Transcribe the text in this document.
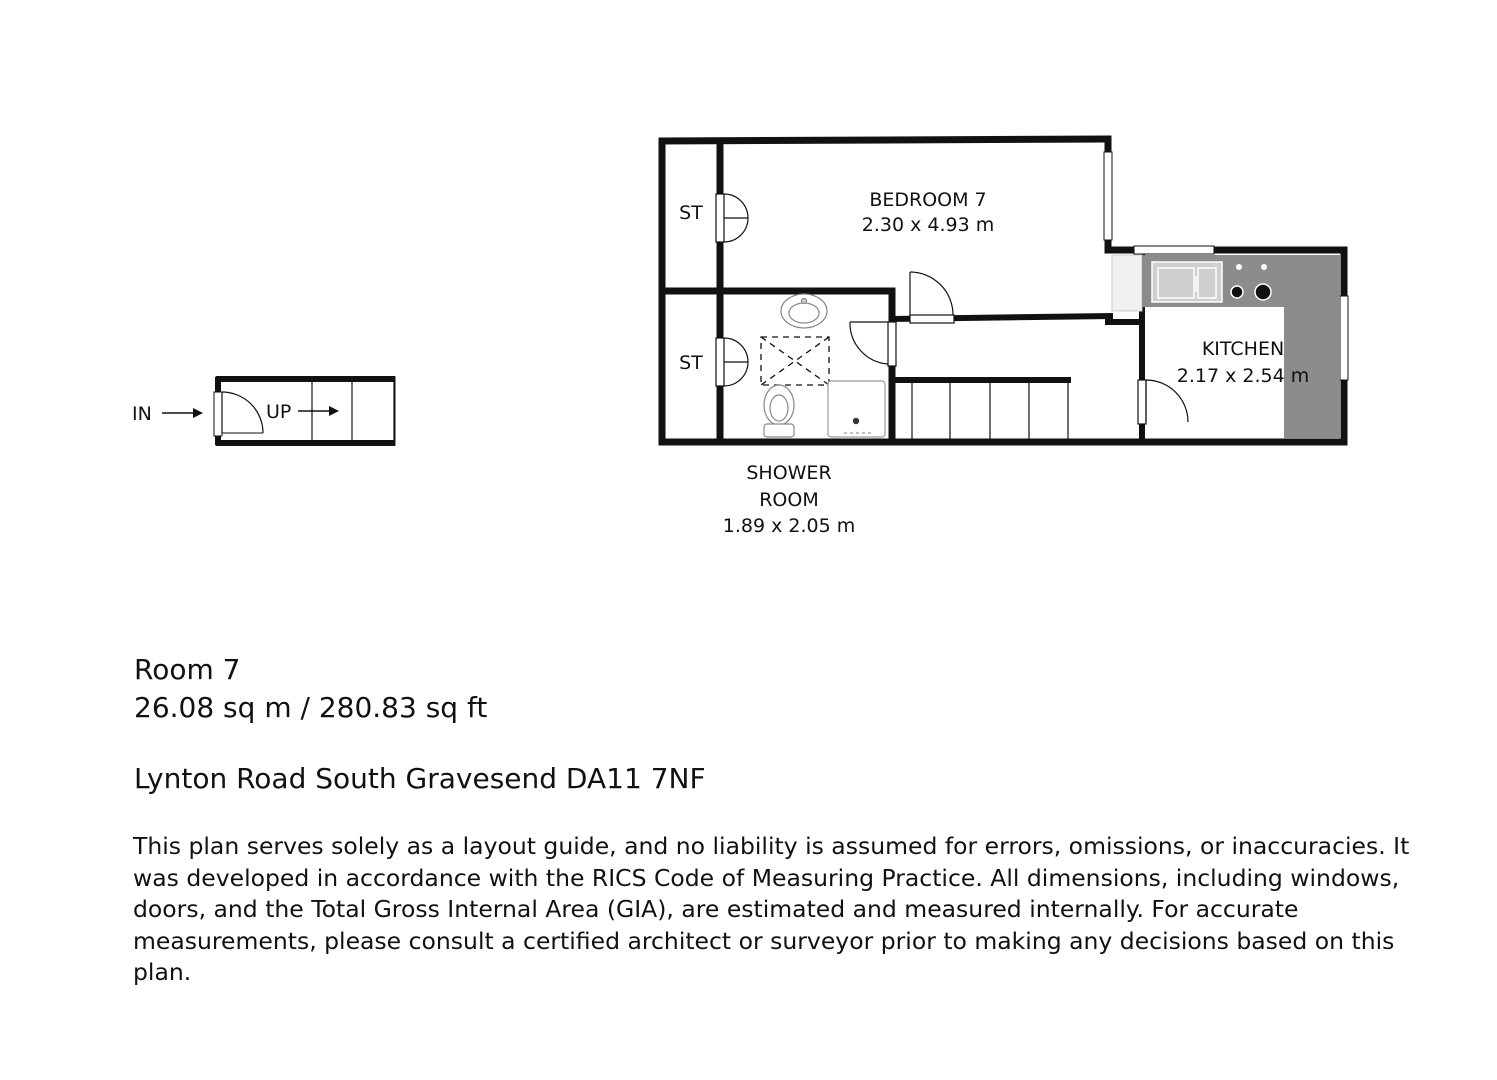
IN	UP
BEDROOM 7
2.30 x 4.93 m
ST
ST
KITCHEN
2.17 x 2.54 m
SHOWER
ROOM
1.89 x 2.05 m
Room 7
26.08 sq m / 280.83 sq ft
Lynton Road South Gravesend DA11 7NF
This plan serves solely as a layout guide, and no liability is assumed for errors, omissions, or inaccuracies. It was developed in accordance with the RICS Code of Measuring Practice. All dimensions, including windows, doors, and the Total Gross Internal Area (GIA), are estimated and measured internally. For accurate measurements, please consult a certified architect or surveyor prior to making any decisions based on this plan.
